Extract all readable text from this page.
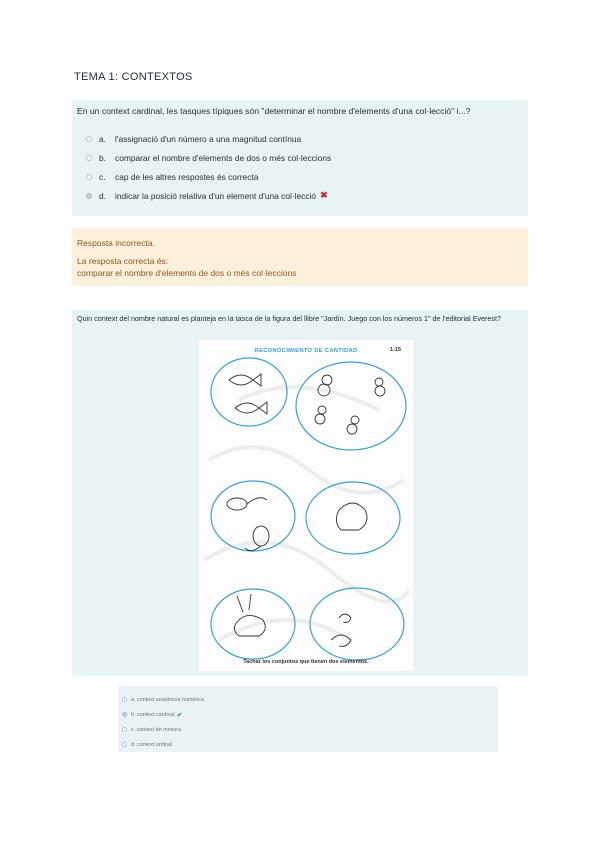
TEMA 1: CONTEXTOS
En un context cardinal, les tasques típiques són "determinar el nombre d'elements d'una col·lecció" i...?
a.	l'assignació d'un número a una magnitud contínua
b.	comparar el nombre d'elements de dos o més col·leccions
c.	cap de les altres respostes és correcta
d.	indicar la posició relativa d'un element d'una col·lecció ✖
Resposta incorrecta.
La resposta correcta és:
comparar el nombre d'elements de dos o més col·leccions
Quin context del nombre natural es planteja en la tasca de la figura del llibre "Jardín. Juego con los números 1" de l'editorial Everest?
RECONOCIMIENTO DE CANTIDAD	1-15
Tachar los conjuntos que tienen dos elementos.
a.
context seqüència numèrica
b.
context cardinal ✔
c.
context de mesura
d.
context ordinal
